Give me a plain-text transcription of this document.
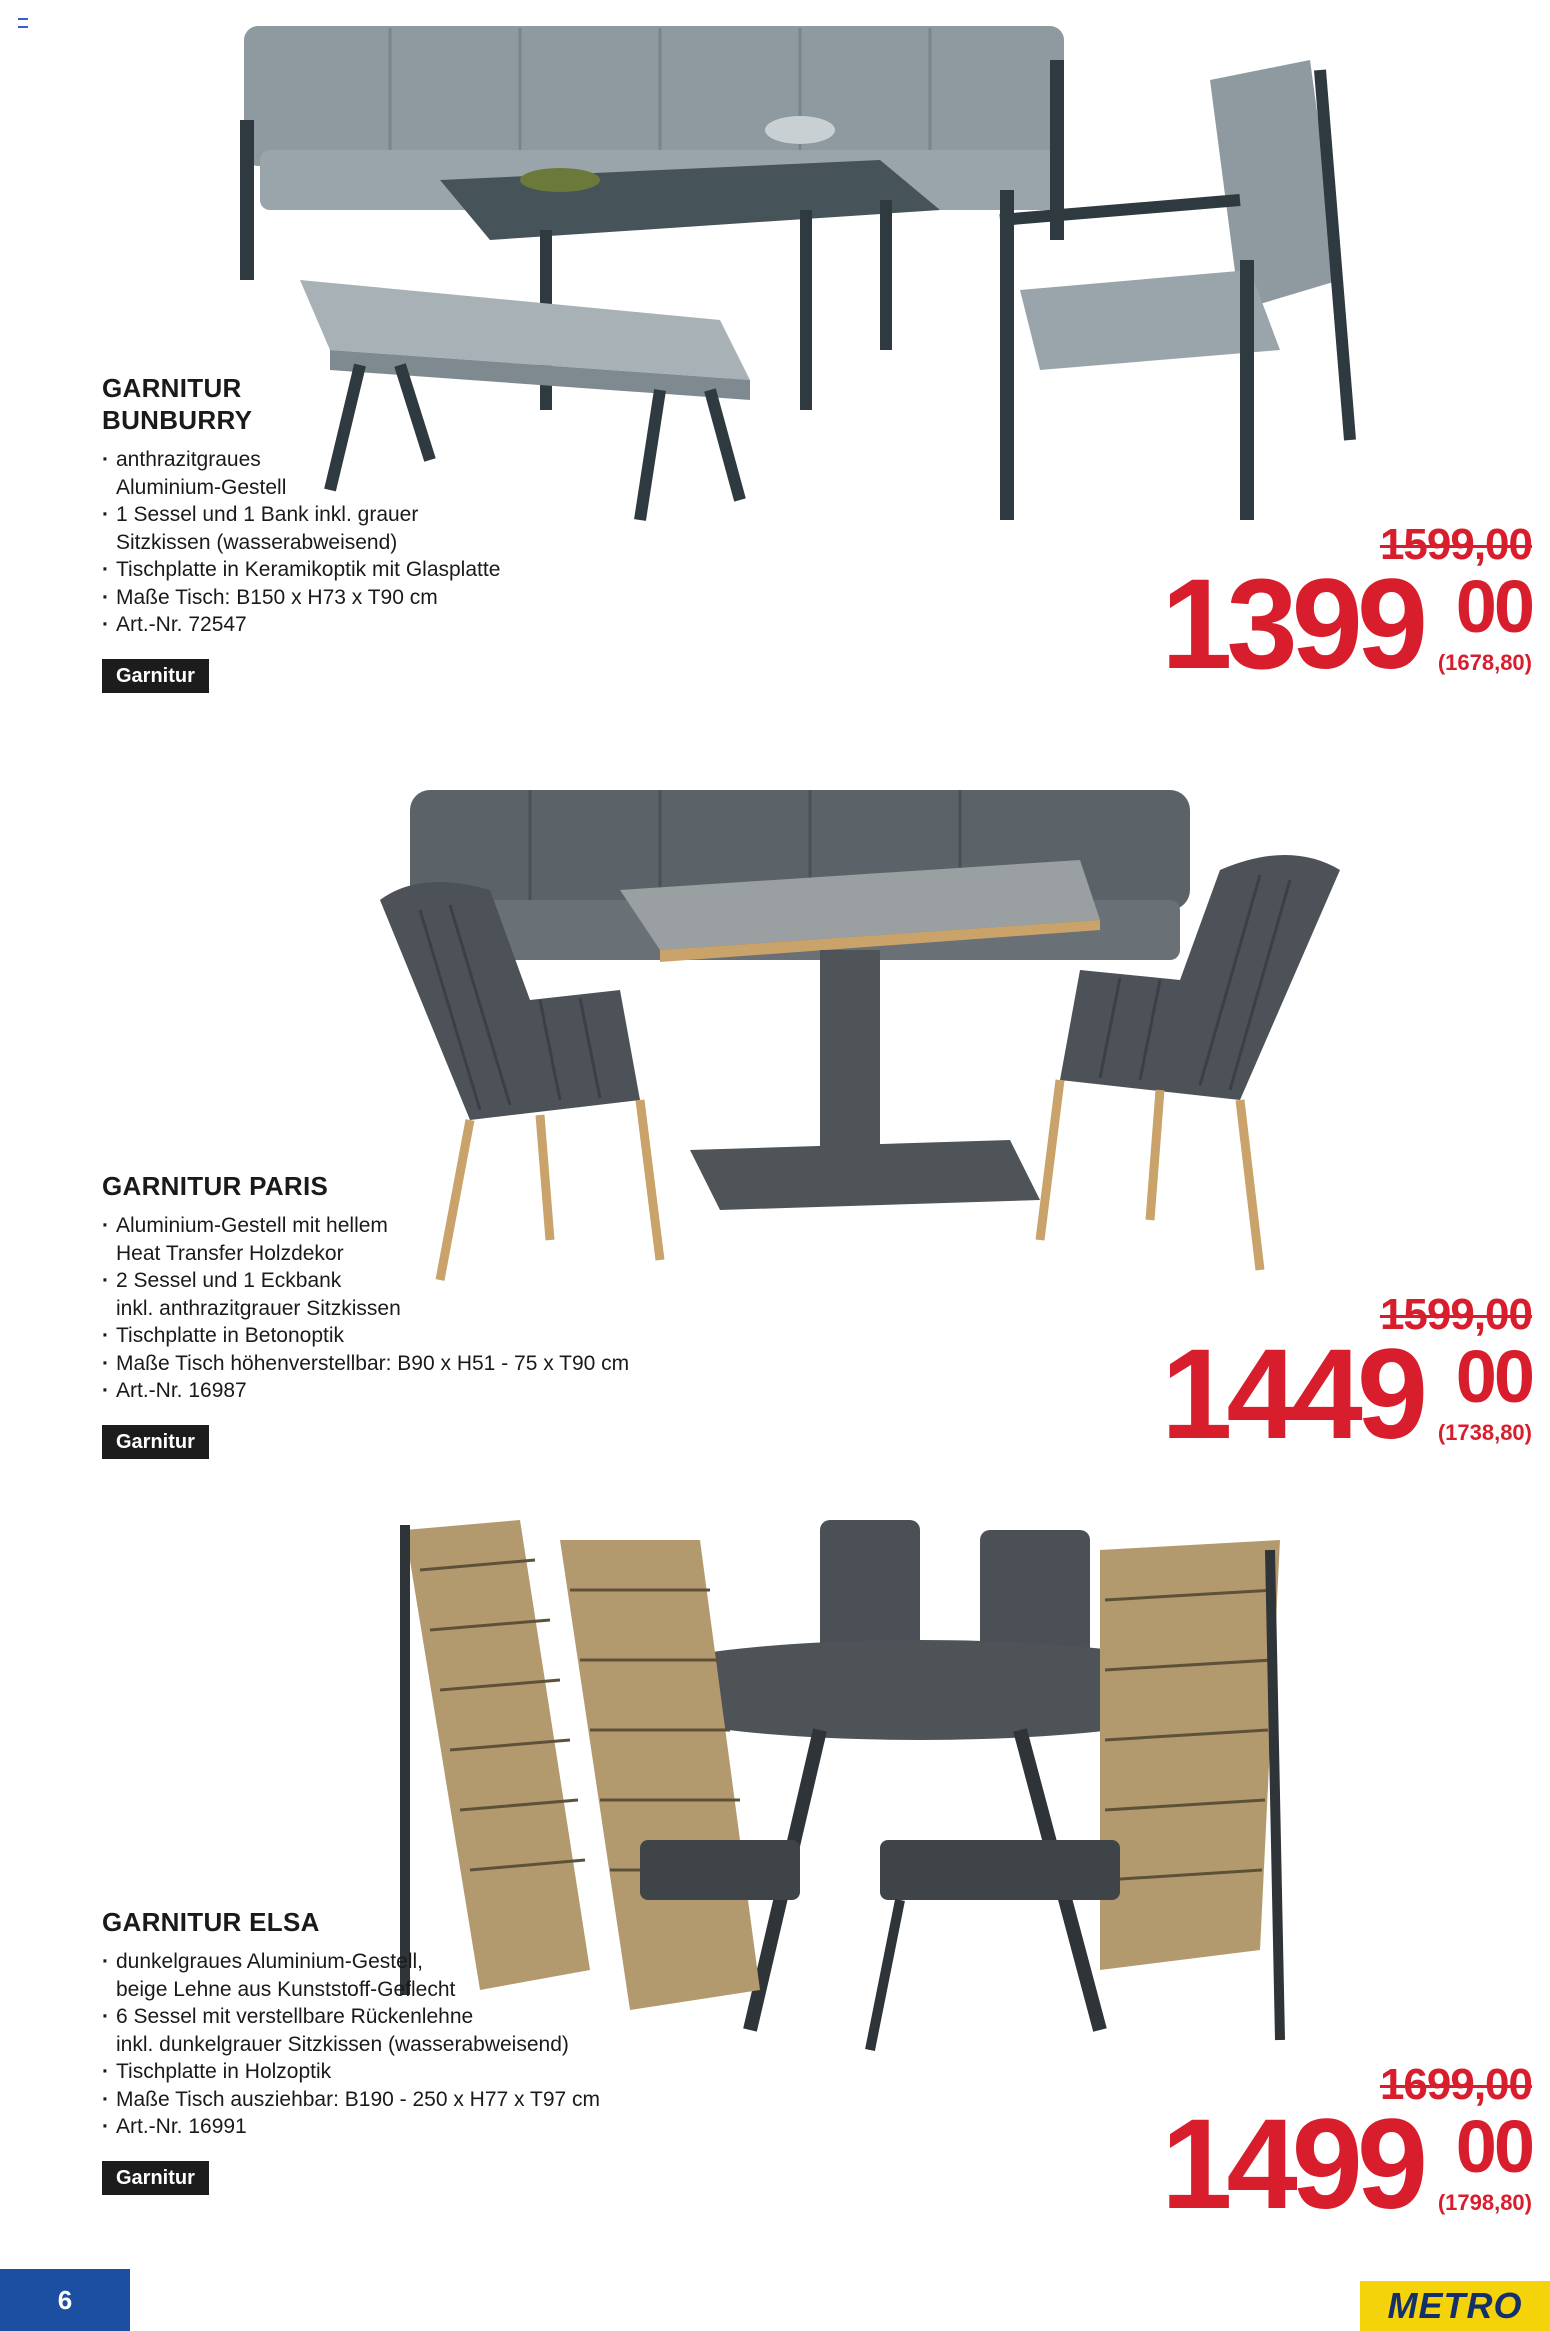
GARNITUR BUNBURRY
· anthrazitgraues
Aluminium-Gestell
· 1 Sessel und 1 Bank inkl. grauer
Sitzkissen (wasserabweisend)
· Tischplatte in Keramikoptik mit Glasplatte
· Maße Tisch: B150 x H73 x T90 cm
· Art.-Nr. 72547
Garnitur
1599,00
1399 00
(1678,80)
GARNITUR PARIS
· Aluminium-Gestell mit hellem
Heat Transfer Holzdekor
· 2 Sessel und 1 Eckbank
inkl. anthrazitgrauer Sitzkissen
· Tischplatte in Betonoptik
· Maße Tisch höhenverstellbar: B90 x H51 - 75 x T90 cm
· Art.-Nr. 16987
Garnitur
1599,00
1449 00
(1738,80)
GARNITUR ELSA
· dunkelgraues Aluminium-Gestell,
beige Lehne aus Kunststoff-Geflecht
· 6 Sessel mit verstellbare Rückenlehne
inkl. dunkelgrauer Sitzkissen (wasserabweisend)
· Tischplatte in Holzoptik
· Maße Tisch ausziehbar: B190 - 250 x H77 x T97 cm
· Art.-Nr. 16991
Garnitur
1699,00
1499 00
(1798,80)
6	METRO
